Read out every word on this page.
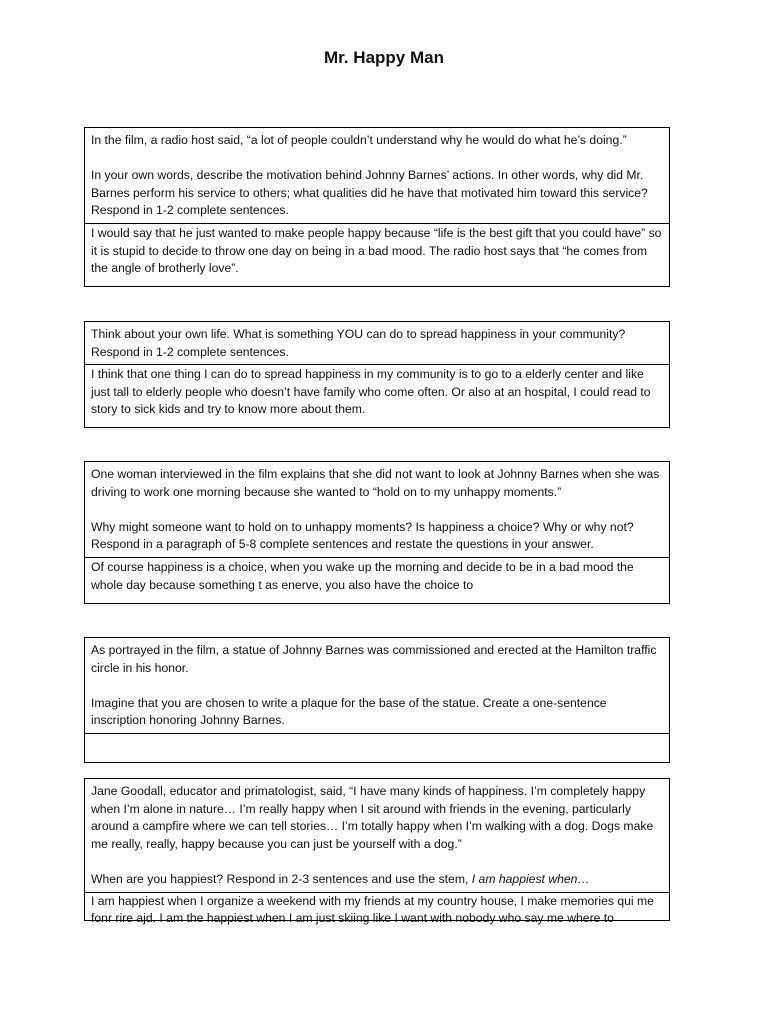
Mr. Happy Man

In the film, a radio host said, “a lot of people couldn’t understand why he would do what he’s doing.”

In your own words, describe the motivation behind Johnny Barnes’ actions. In other words, why did Mr. Barnes perform his service to others; what qualities did he have that motivated him toward this service? Respond in 1-2 complete sentences.

I would say that he just wanted to make people happy because “life is the best gift that you could have” so it is stupid to decide to throw one day on being in a bad mood. The radio host says that “he comes from the angle of brotherly love”.

Think about your own life. What is something YOU can do to spread happiness in your community? Respond in 1-2 complete sentences.

I think that one thing I can do to spread happiness in my community is to go to a elderly center and like just tall to elderly people who doesn’t have family who come often. Or also at an hospital, I could read to story to sick kids and try to know more about them.

One woman interviewed in the film explains that she did not want to look at Johnny Barnes when she was driving to work one morning because she wanted to “hold on to my unhappy moments.”

Why might someone want to hold on to unhappy moments? Is happiness a choice? Why or why not? Respond in a paragraph of 5-8 complete sentences and restate the questions in your answer.

Of course happiness is a choice, when you wake up the morning and decide to be in a bad mood the whole day because something t as enerve, you also have the choice to

As portrayed in the film, a statue of Johnny Barnes was commissioned and erected at the Hamilton traffic circle in his honor.

Imagine that you are chosen to write a plaque for the base of the statue. Create a one-sentence inscription honoring Johnny Barnes.

Jane Goodall, educator and primatologist, said, “I have many kinds of happiness. I’m completely happy when I’m alone in nature… I’m really happy when I sit around with friends in the evening, particularly around a campfire where we can tell stories… I’m totally happy when I’m walking with a dog. Dogs make me really, really, happy because you can just be yourself with a dog.”

When are you happiest? Respond in 2-3 sentences and use the stem, I am happiest when…

I am happiest when I organize a weekend with my friends at my country house, I make memories qui me fonr rire ajd. I am the happiest when I am just skiing like I want with nobody who say me where to
